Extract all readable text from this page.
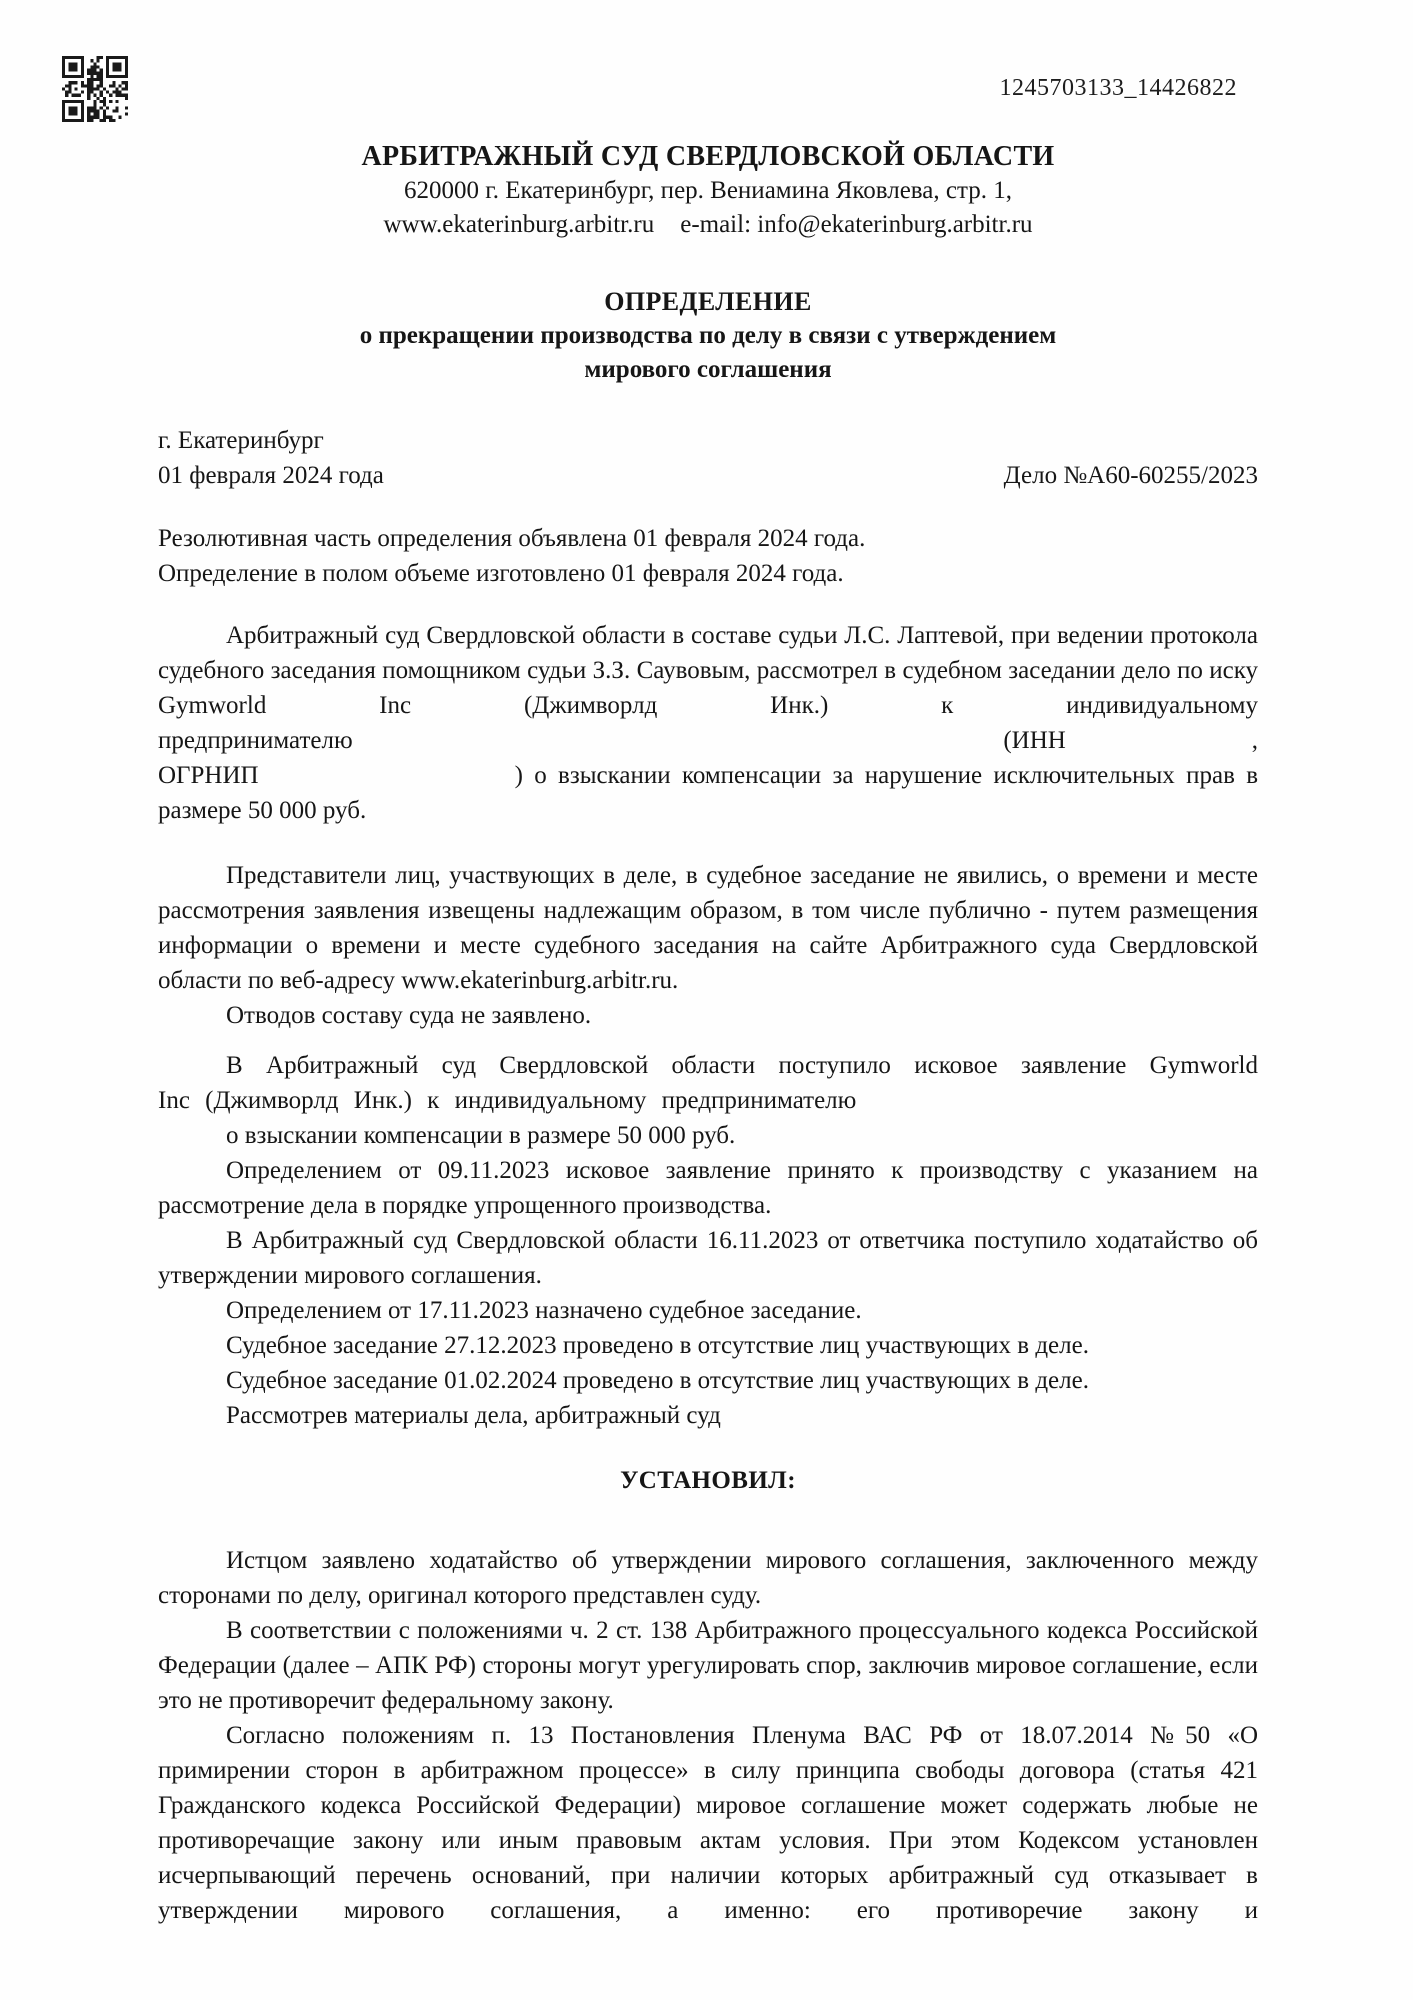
1245703133_14426822
АРБИТРАЖНЫЙ СУД СВЕРДЛОВСКОЙ ОБЛАСТИ
620000 г. Екатеринбург, пер. Вениамина Яковлева, стр. 1,
www.ekaterinburg.arbitr.ru e-mail: info@ekaterinburg.arbitr.ru
ОПРЕДЕЛЕНИЕ
о прекращении производства по делу в связи с утверждением
мирового соглашения
г. Екатеринбург
01 февраля 2024 года	Дело №А60-60255/2023
Резолютивная часть определения объявлена 01 февраля 2024 года.
Определение в полом объеме изготовлено 01 февраля 2024 года.
Арбитражный суд Свердловской области в составе судьи Л.С. Лаптевой, при ведении протокола судебного заседания помощником судьи З.З. Саувовым, рассмотрел в судебном заседании дело по иску Gymworld Inc (Джимворлд Инк.) к индивидуальному
предпринимателю	(ИНН	,
ОГРНИП	) о взыскании компенсации за нарушение исключительных прав в
размере 50 000 руб.
Представители лиц, участвующих в деле, в судебное заседание не явились, о времени и месте рассмотрения заявления извещены надлежащим образом, в том числе публично - путем размещения информации о времени и месте судебного заседания на сайте Арбитражного суда Свердловской области по веб-адресу www.ekaterinburg.arbitr.ru.
Отводов составу суда не заявлено.
В Арбитражный суд Свердловской области поступило исковое заявление Gymworld
Inc (Джимворлд Инк.) к индивидуальному предпринимателю
о взыскании компенсации в размере 50 000 руб.
Определением от 09.11.2023 исковое заявление принято к производству с указанием на рассмотрение дела в порядке упрощенного производства.
В Арбитражный суд Свердловской области 16.11.2023 от ответчика поступило ходатайство об утверждении мирового соглашения.
Определением от 17.11.2023 назначено судебное заседание.
Судебное заседание 27.12.2023 проведено в отсутствие лиц участвующих в деле.
Судебное заседание 01.02.2024 проведено в отсутствие лиц участвующих в деле.
Рассмотрев материалы дела, арбитражный суд
УСТАНОВИЛ:
Истцом заявлено ходатайство об утверждении мирового соглашения, заключенного между сторонами по делу, оригинал которого представлен суду.
В соответствии с положениями ч. 2 ст. 138 Арбитражного процессуального кодекса Российской Федерации (далее – АПК РФ) стороны могут урегулировать спор, заключив мировое соглашение, если это не противоречит федеральному закону.
Согласно положениям п. 13 Постановления Пленума ВАС РФ от 18.07.2014 №50 «О примирении сторон в арбитражном процессе» в силу принципа свободы договора (статья 421 Гражданского кодекса Российской Федерации) мировое соглашение может содержать любые не противоречащие закону или иным правовым актам условия. При этом Кодексом установлен исчерпывающий перечень оснований, при наличии которых арбитражный суд отказывает в утверждении мирового соглашения, а именно: его противоречие закону и
